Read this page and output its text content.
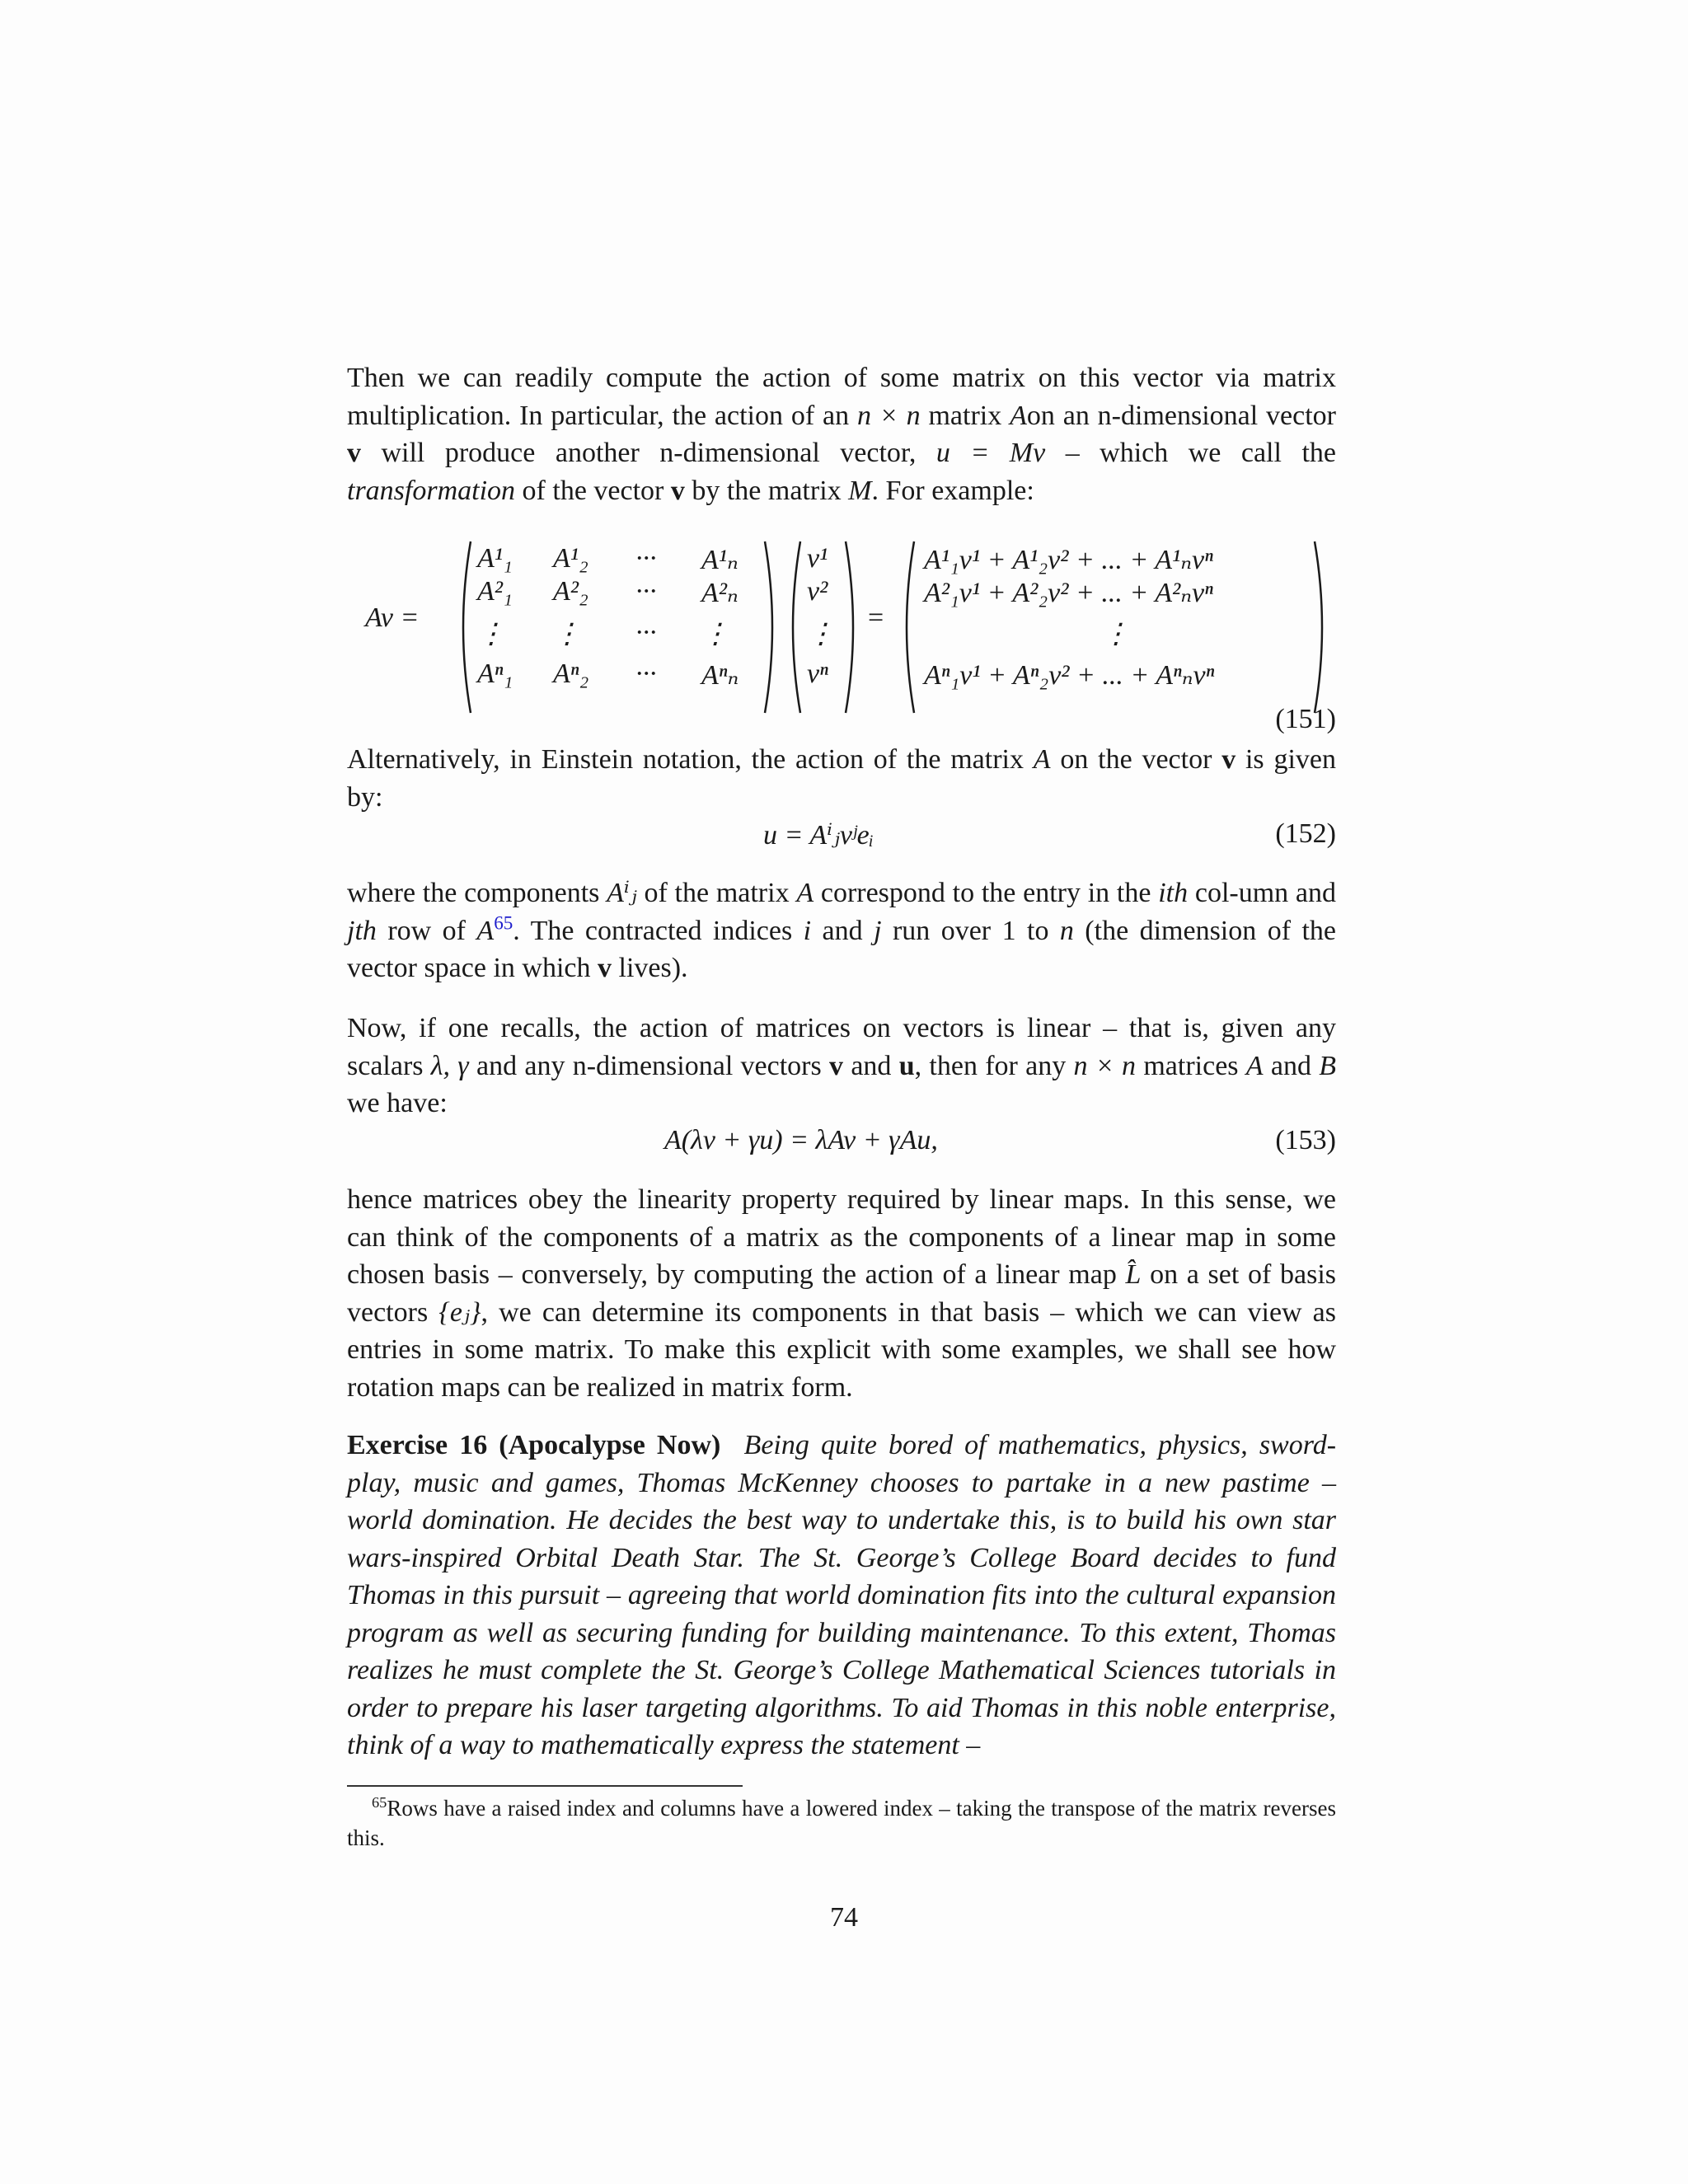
Then we can readily compute the action of some matrix on this vector via matrix multiplication. In particular, the action of an n × n matrix Aon an n-dimensional vector v will produce another n-dimensional vector, u = Mv – which we call the transformation of the vector v by the matrix M. For example:

Av =
A¹₁ A¹₂ ··· A¹ₙ
A²₁ A²₂ ··· A²ₙ
⋮ ⋮ ··· ⋮
Aⁿ₁ Aⁿ₂ ··· Aⁿₙ
v¹
v²
⋮
vⁿ
=
A¹₁v¹ + A¹₂v² + ... + A¹ₙvⁿ
A²₁v¹ + A²₂v² + ... + A²ₙvⁿ
⋮
Aⁿ₁v¹ + Aⁿ₂v² + ... + Aⁿₙvⁿ
(151)

Alternatively, in Einstein notation, the action of the matrix A on the vector v is given by:

u = Aⁱⱼvʲeᵢ	(152)

where the components Aⁱⱼ of the matrix A correspond to the entry in the ith col-umn and jth row of $A^{65}$. The contracted indices i and j run over 1 to n (the dimension of the vector space in which v lives).

Now, if one recalls, the action of matrices on vectors is linear – that is, given any scalars λ, γ and any n-dimensional vectors v and u, then for any n × n matrices A and B we have:

A(λv + γu) = λAv + γAu,	(153)

hence matrices obey the linearity property required by linear maps. In this sense, we can think of the components of a matrix as the components of a linear map in some chosen basis – conversely, by computing the action of a linear map L̂ on a set of basis vectors {eⱼ}, we can determine its components in that basis – which we can view as entries in some matrix. To make this explicit with some examples, we shall see how rotation maps can be realized in matrix form.

Exercise 16 (Apocalypse Now) Being quite bored of mathematics, physics, sword-play, music and games, Thomas McKenney chooses to partake in a new pastime – world domination. He decides the best way to undertake this, is to build his own star wars-inspired Orbital Death Star. The St. George’s College Board decides to fund Thomas in this pursuit – agreeing that world domination fits into the cultural expansion program as well as securing funding for building maintenance. To this extent, Thomas realizes he must complete the St. George’s College Mathematical Sciences tutorials in order to prepare his laser targeting algorithms. To aid Thomas in this noble enterprise, think of a way to mathematically express the statement –

$^{65}$Rows have a raised index and columns have a lowered index – taking the transpose of the matrix reverses this.
74
